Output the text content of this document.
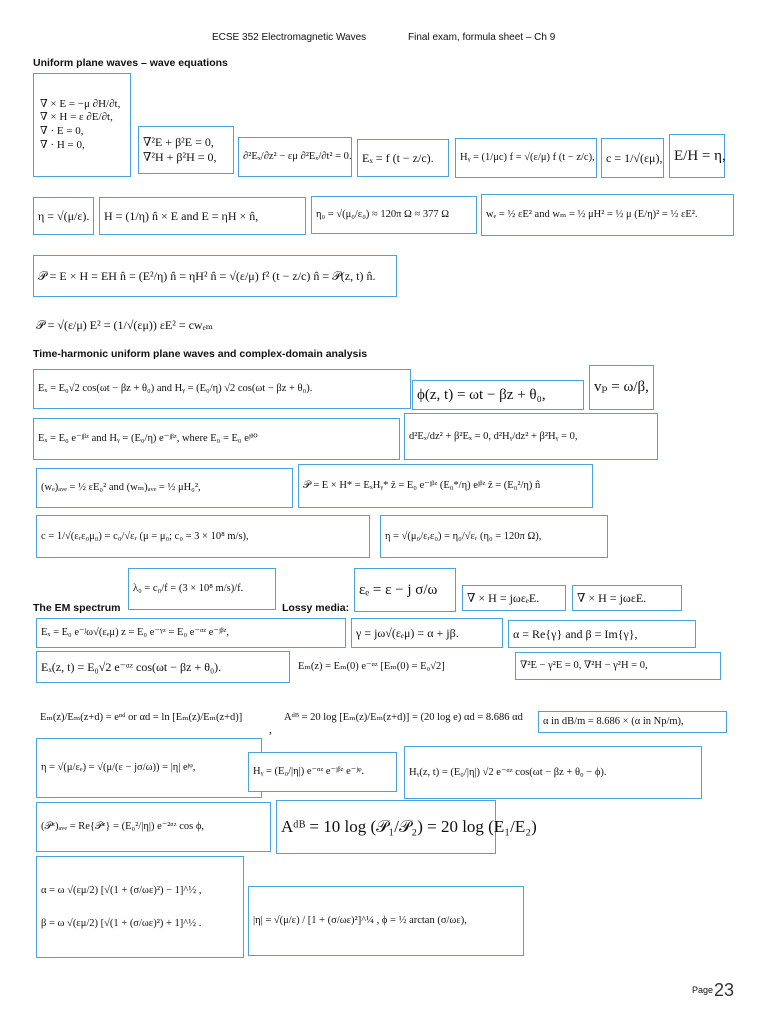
ECSE 352 Electromagnetic Waves	Final exam, formula sheet – Ch 9
Uniform plane waves – wave equations
∇ × E = −μ ∂H/∂t,
∇ × H = ε ∂E/∂t,
∇ · E = 0,
∇ · H = 0,	∇²E + β²E = 0,
∇²H + β²H = 0,	∂²Eₓ/∂z² − εμ ∂²Eₓ/∂t² = 0. Eₓ = f (t − z/c).	Hᵧ = (1/μc) f = √(ε/μ) f (t − z/c), c = 1/√(εμ), E/H = η,
η = √(μ/ε).	H = (1/η) n̂ × E and E = ηH × n̂,	η₀ = √(μ₀/ε₀) ≈ 120π Ω ≈ 377 Ω	wₑ = ½ εE² and wₘ = ½ μH² = ½ μ (E/η)² = ½ εE².
𝒫 = E × H = EH n̂ = (E²/η) n̂ = ηH² n̂ = √(ε/μ) f² (t − z/c) n̂ = 𝒫(z, t) n̂.
𝒫 = √(ε/μ) E² = (1/√(εμ)) εE² = cwₑₘ
Time-harmonic uniform plane waves and complex-domain analysis
Eₓ = E₀√2 cos(ωt − βz + θ₀) and Hᵧ = (E₀/η) √2 cos(ωt − βz + θ₀).	ϕ(z, t) = ωt − βz + θ₀,	vₚ = ω/β,
Eₓ = E₀ e⁻ʲᵝᶻ and Hᵧ = (E₀/η) e⁻ʲᵝᶻ, where E₀ = E₀ eʲᶿ⁰	d²Eₓ/dz² + β²Eₓ = 0, d²Hᵧ/dz² + β²Hᵧ = 0,
(wₑ)ₐᵥₑ = ½ εE₀² and (wₘ)ₐᵥₑ = ½ μH₀²,	𝒫 = E × H* = EₓHᵧ* ẑ = E₀ e⁻ʲᵝᶻ (E₀*/η) eʲᵝᶻ ẑ = (E₀²/η) n̂
c = 1/√(εᵣε₀μ₀) = c₀/√εᵣ (μ = μ₀; c₀ = 3 × 10⁸ m/s),	η = √(μ₀/εᵣε₀) = η₀/√εᵣ (η₀ = 120π Ω),
λ₀ = c₀/f = (3 × 10⁸ m/s)/f.	εₑ = ε − j σ/ω	∇ × H = jωεₑE.	∇ × H = jωεE.
The EM spectrum	Lossy media:
Eₓ = E₀ e⁻ʲω√(εₑμ) z = E₀ e⁻ˠᶻ = E₀ e⁻ᵅᶻ e⁻ʲᵝᶻ,	γ = jω√(εₑμ) = α + jβ.	α = Re{γ} and β = Im{γ},
Eₓ(z, t) = E₀√2 e⁻ᵅᶻ cos(ωt − βz + θ₀).	Eₘ(z) = Eₘ(0) e⁻ᵅᶻ [Eₘ(0) = E₀√2]	∇²E − γ²E = 0, ∇²H − γ²H = 0,
Eₘ(z)/Eₘ(z+d) = eᵅᵈ or αd = ln [Eₘ(z)/Eₘ(z+d)]	Aᵈᴮ = 20 log [Eₘ(z)/Eₘ(z+d)] = (20 log e) αd = 8.686 αd
,	α in dB/m = 8.686 × (α in Np/m),
η = √(μ/εₑ) = √(μ/(ε − jσ/ω)) = |η| eʲᵠ,	Hᵧ = (E₀/|η|) e⁻ᵅᶻ e⁻ʲᵝᶻ e⁻ʲᵠ.	Hᵧ(z, t) = (E₀/|η|) √2 e⁻ᵅᶻ cos(ωt − βz + θ₀ − ϕ).
(𝒫ᶻ)ₐᵥₑ = Re{𝒫ᶻ} = (E₀²/|η|) e⁻²ᵅᶻ cos ϕ,	Aᵈᴮ = 10 log (𝒫₁/𝒫₂) = 20 log (E₁/E₂)
α = ω √(εμ/2) [√(1 + (σ/ωε)²) − 1]^½ ,
β = ω √(εμ/2) [√(1 + (σ/ωε)²) + 1]^½ .	|η| = √(μ/ε) / [1 + (σ/ωε)²]^¼ , ϕ = ½ arctan (σ/ωε),
Page 23
